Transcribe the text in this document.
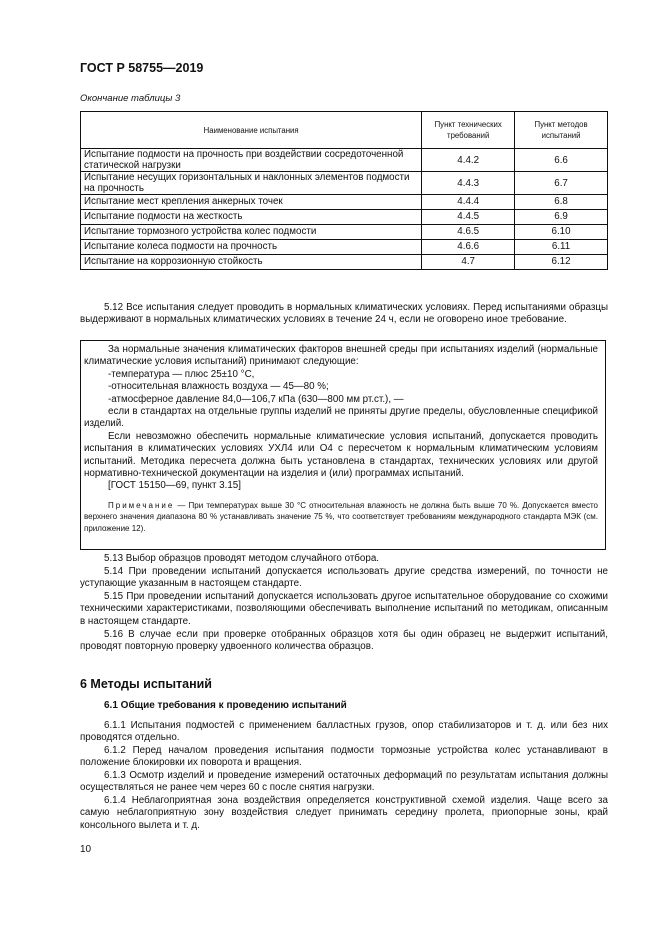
ГОСТ Р 58755—2019
Окончание таблицы 3
Наименование испытания	Пункт технических требований	Пункт методов испытаний
Испытание подмости на прочность при воздействии сосредоточенной статической нагрузки	4.4.2	6.6
Испытание несущих горизонтальных и наклонных элементов подмости на прочность	4.4.3	6.7
Испытание мест крепления анкерных точек	4.4.4	6.8
Испытание подмости на жесткость	4.4.5	6.9
Испытание тормозного устройства колес подмости	4.6.5	6.10
Испытание колеса подмости на прочность	4.6.6	6.11
Испытание на коррозионную стойкость	4.7	6.12
5.12 Все испытания следует проводить в нормальных климатических условиях. Перед испытаниями образцы выдерживают в нормальных климатических условиях в течение 24 ч, если не оговорено иное требование.
За нормальные значения климатических факторов внешней среды при испытаниях изделий (нормальные климатические условия испытаний) принимают следующие:
-температура — плюс 25±10 °С,
-относительная влажность воздуха — 45—80 %;
-атмосферное давление 84,0—106,7 кПа (630—800 мм рт.ст.), —
если в стандартах на отдельные группы изделий не приняты другие пределы, обусловленные спецификой изделий.
Если невозможно обеспечить нормальные климатические условия испытаний, допускается проводить испытания в климатических условиях УХЛ4 или О4 с пересчетом к нормальным климатическим условиям испытаний. Методика пересчета должна быть установлена в стандартах, технических условиях или другой нормативно-технической документации на изделия и (или) программах испытаний.
[ГОСТ 15150—69, пункт 3.15]
Примечание — При температурах выше 30 °С относительная влажность не должна быть выше 70 %. Допускается вместо верхнего значения диапазона 80 % устанавливать значение 75 %, что соответствует требованиям международного стандарта МЭК (см. приложение 12).
5.13 Выбор образцов проводят методом случайного отбора.
5.14 При проведении испытаний допускается использовать другие средства измерений, по точности не уступающие указанным в настоящем стандарте.
5.15 При проведении испытаний допускается использовать другое испытательное оборудование со схожими техническими характеристиками, позволяющими обеспечивать выполнение испытаний по методикам, описанным в настоящем стандарте.
5.16 В случае если при проверке отобранных образцов хотя бы один образец не выдержит испытаний, проводят повторную проверку удвоенного количества образцов.
6 Методы испытаний
6.1 Общие требования к проведению испытаний
6.1.1 Испытания подмостей с применением балластных грузов, опор стабилизаторов и т. д. или без них проводятся отдельно.
6.1.2 Перед началом проведения испытания подмости тормозные устройства колес устанавливают в положение блокировки их поворота и вращения.
6.1.3 Осмотр изделий и проведение измерений остаточных деформаций по результатам испытания должны осуществляться не ранее чем через 60 с после снятия нагрузки.
6.1.4 Неблагоприятная зона воздействия определяется конструктивной схемой изделия. Чаще всего за самую неблагоприятную зону воздействия следует принимать середину пролета, приопорные зоны, край консольного вылета и т. д.
10
